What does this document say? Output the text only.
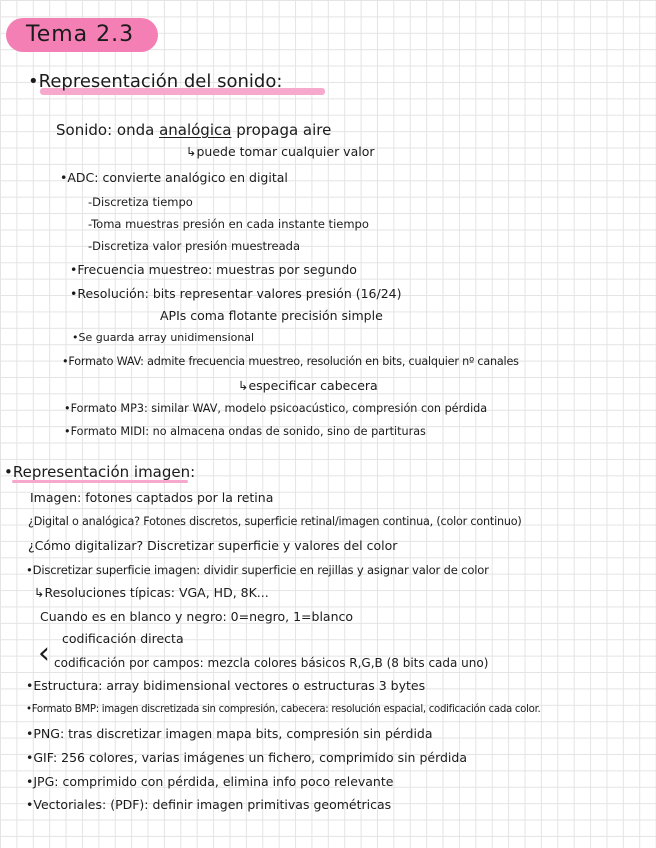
Tema 2.3
•Representación del sonido:
Sonido: onda analógica propaga aire
↳puede tomar cualquier valor
•ADC: convierte analógico en digital
-Discretiza tiempo
-Toma muestras presión en cada instante tiempo
-Discretiza valor presión muestreada
•Frecuencia muestreo: muestras por segundo
•Resolución: bits representar valores presión (16/24)
APIs coma flotante precisión simple
•Se guarda array unidimensional
•Formato WAV: admite frecuencia muestreo, resolución en bits, cualquier nº canales
↳especificar cabecera
•Formato MP3: similar WAV, modelo psicoacústico, compresión con pérdida
•Formato MIDI: no almacena ondas de sonido, sino de partituras
•Representación imagen:
Imagen: fotones captados por la retina
¿Digital o analógica? Fotones discretos, superficie retinal/imagen continua, (color continuo)
¿Cómo digitalizar? Discretizar superficie y valores del color
•Discretizar superficie imagen: dividir superficie en rejillas y asignar valor de color
↳Resoluciones típicas: VGA, HD, 8K...
Cuando es en blanco y negro: 0=negro, 1=blanco
‹ codificación directa
codificación por campos: mezcla colores básicos R,G,B (8 bits cada uno)
•Estructura: array bidimensional vectores o estructuras 3 bytes
•Formato BMP: imagen discretizada sin compresión, cabecera: resolución espacial, codificación cada color.
•PNG: tras discretizar imagen mapa bits, compresión sin pérdida
•GIF: 256 colores, varias imágenes un fichero, comprimido sin pérdida
•JPG: comprimido con pérdida, elimina info poco relevante
•Vectoriales: (PDF): definir imagen primitivas geométricas
